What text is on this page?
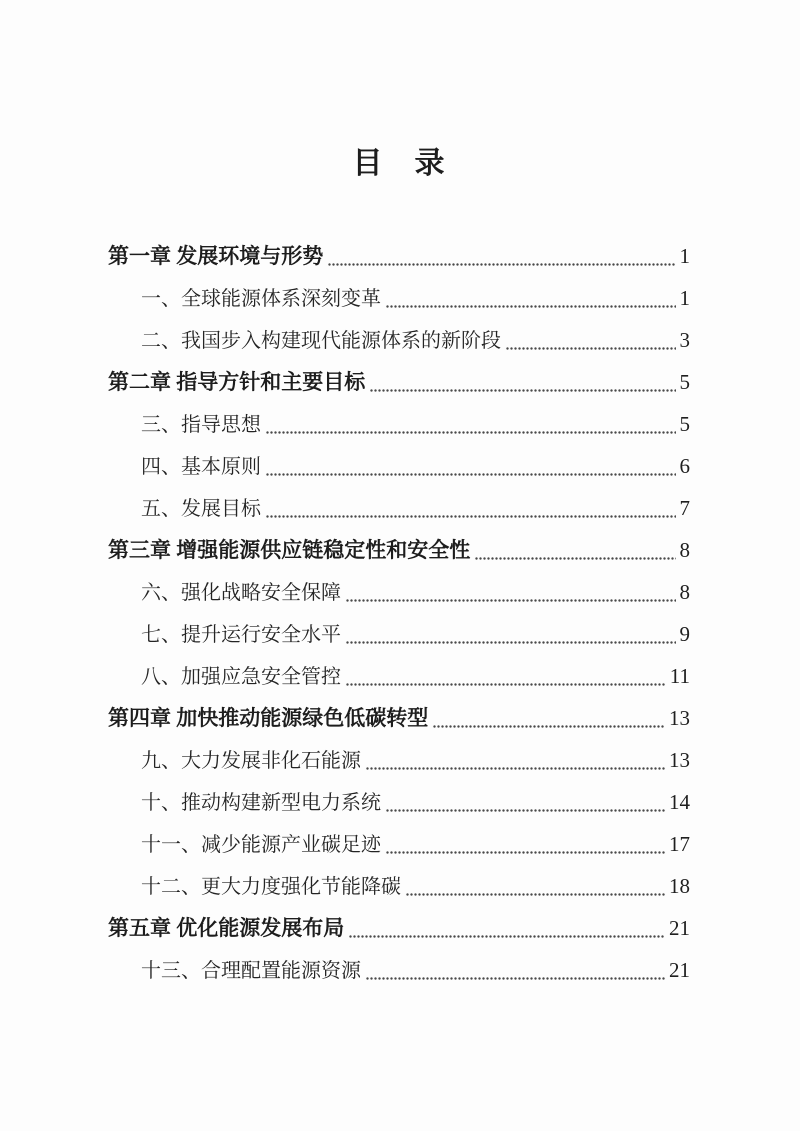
目　录
第一章 发展环境与形势	1
一、全球能源体系深刻变革	1
二、我国步入构建现代能源体系的新阶段	3
第二章 指导方针和主要目标	5
三、指导思想	5
四、基本原则	6
五、发展目标	7
第三章 增强能源供应链稳定性和安全性	8
六、强化战略安全保障	8
七、提升运行安全水平	9
八、加强应急安全管控	11
第四章 加快推动能源绿色低碳转型	13
九、大力发展非化石能源	13
十、推动构建新型电力系统	14
十一、减少能源产业碳足迹	17
十二、更大力度强化节能降碳	18
第五章 优化能源发展布局	21
十三、合理配置能源资源	21
